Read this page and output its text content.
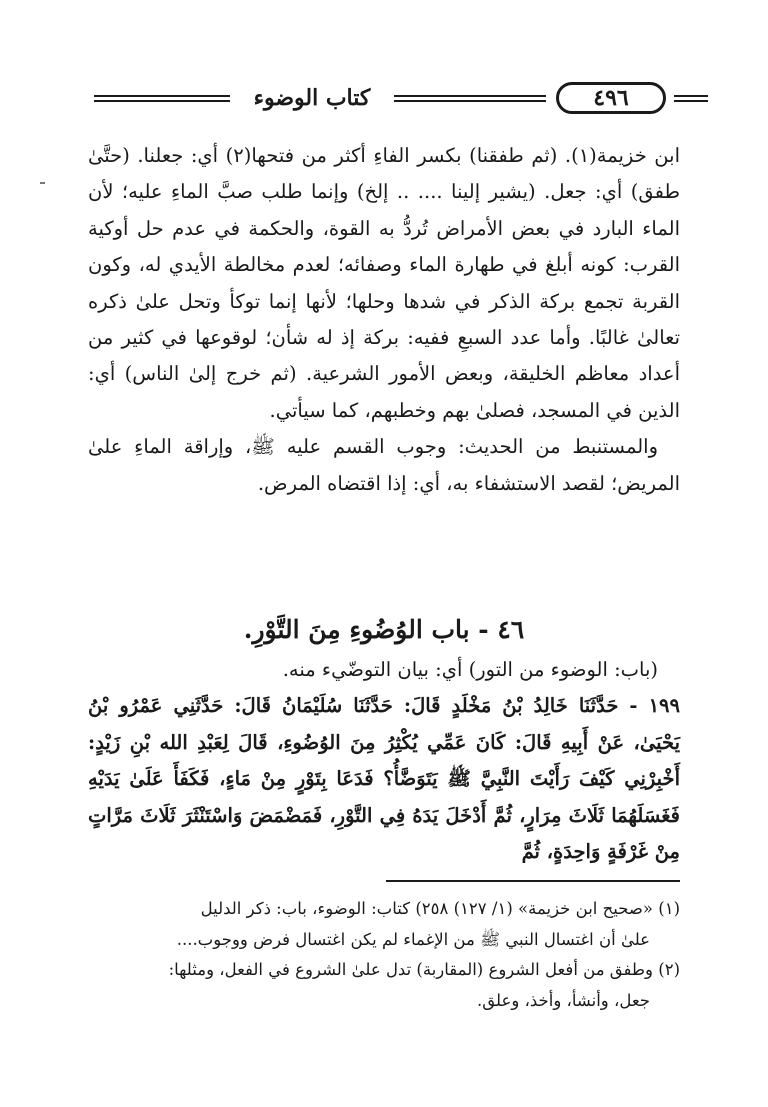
كتاب الوضوء	٤٩٦

ابن خزيمة(١). (ثم طفقنا) بكسر الفاءِ أكثر من فتحها(٢) أي: جعلنا. (حتَّىٰ طفق) أي: جعل. (يشير إلينا .... .. إلخ) وإنما طلب صبَّ الماءِ عليه؛ لأن الماء البارد في بعض الأمراض تُردُّ به القوة، والحكمة في عدم حل أوكية القرب: كونه أبلغ في طهارة الماء وصفائه؛ لعدم مخالطة الأيدي له، وكون القربة تجمع بركة الذكر في شدها وحلها؛ لأنها إنما توكأ وتحل علىٰ ذكره تعالىٰ غالبًا. وأما عدد السبعِ ففيه: بركة إذ له شأن؛ لوقوعها في كثير من أعداد معاظم الخليقة، وبعض الأمور الشرعية. (ثم خرج إلىٰ الناس) أي: الذين في المسجد، فصلىٰ بهم وخطبهم، كما سيأتي.

والمستنبط من الحديث: وجوب القسم عليه ﷺ، وإراقة الماءِ علىٰ المريض؛ لقصد الاستشفاء به، أي: إذا اقتضاه المرض.

٤٦ - باب الوُضُوءِ مِنَ التَّوْرِ.

(باب: الوضوء من التور) أي: بيان التوضّيء منه.

١٩٩ - حَدَّثَنَا خَالِدُ بْنُ مَخْلَدٍ قَالَ: حَدَّثَنَا سُلَيْمَانُ قَالَ: حَدَّثَنِي عَمْرُو بْنُ يَحْيَىٰ، عَنْ أَبِيهِ قَالَ: كَانَ عَمِّي يُكْثِرُ مِنَ الوُضُوءِ، قَالَ لِعَبْدِ الله بْنِ زَيْدٍ: أَخْبِرْنِي كَيْفَ رَأَيْتَ النَّبِيَّ ﷺ يَتَوَضَّأُ؟ فَدَعَا بِتَوْرٍ مِنْ مَاءٍ، فَكَفَأَ عَلَىٰ يَدَيْهِ فَغَسَلَهُمَا ثَلَاثَ مِرَارٍ، ثُمَّ أَدْخَلَ يَدَهُ فِي التَّوْرِ، فَمَضْمَضَ وَاسْتَنْثَرَ ثَلَاثَ مَرَّاتٍ مِنْ غَرْفَةٍ وَاحِدَةٍ، ثُمَّ

(١) «صحيح ابن خزيمة» (١/ ١٢٧) ٢٥٨) كتاب: الوضوء، باب: ذكر الدليل

علىٰ أن اغتسال النبي ﷺ من الإغماء لم يكن اغتسال فرض ووجوب....

(٢) وطفق من أفعل الشروع (المقاربة) تدل علىٰ الشروع في الفعل، ومثلها:

جعل، وأنشأ، وأخذ، وعلق.
